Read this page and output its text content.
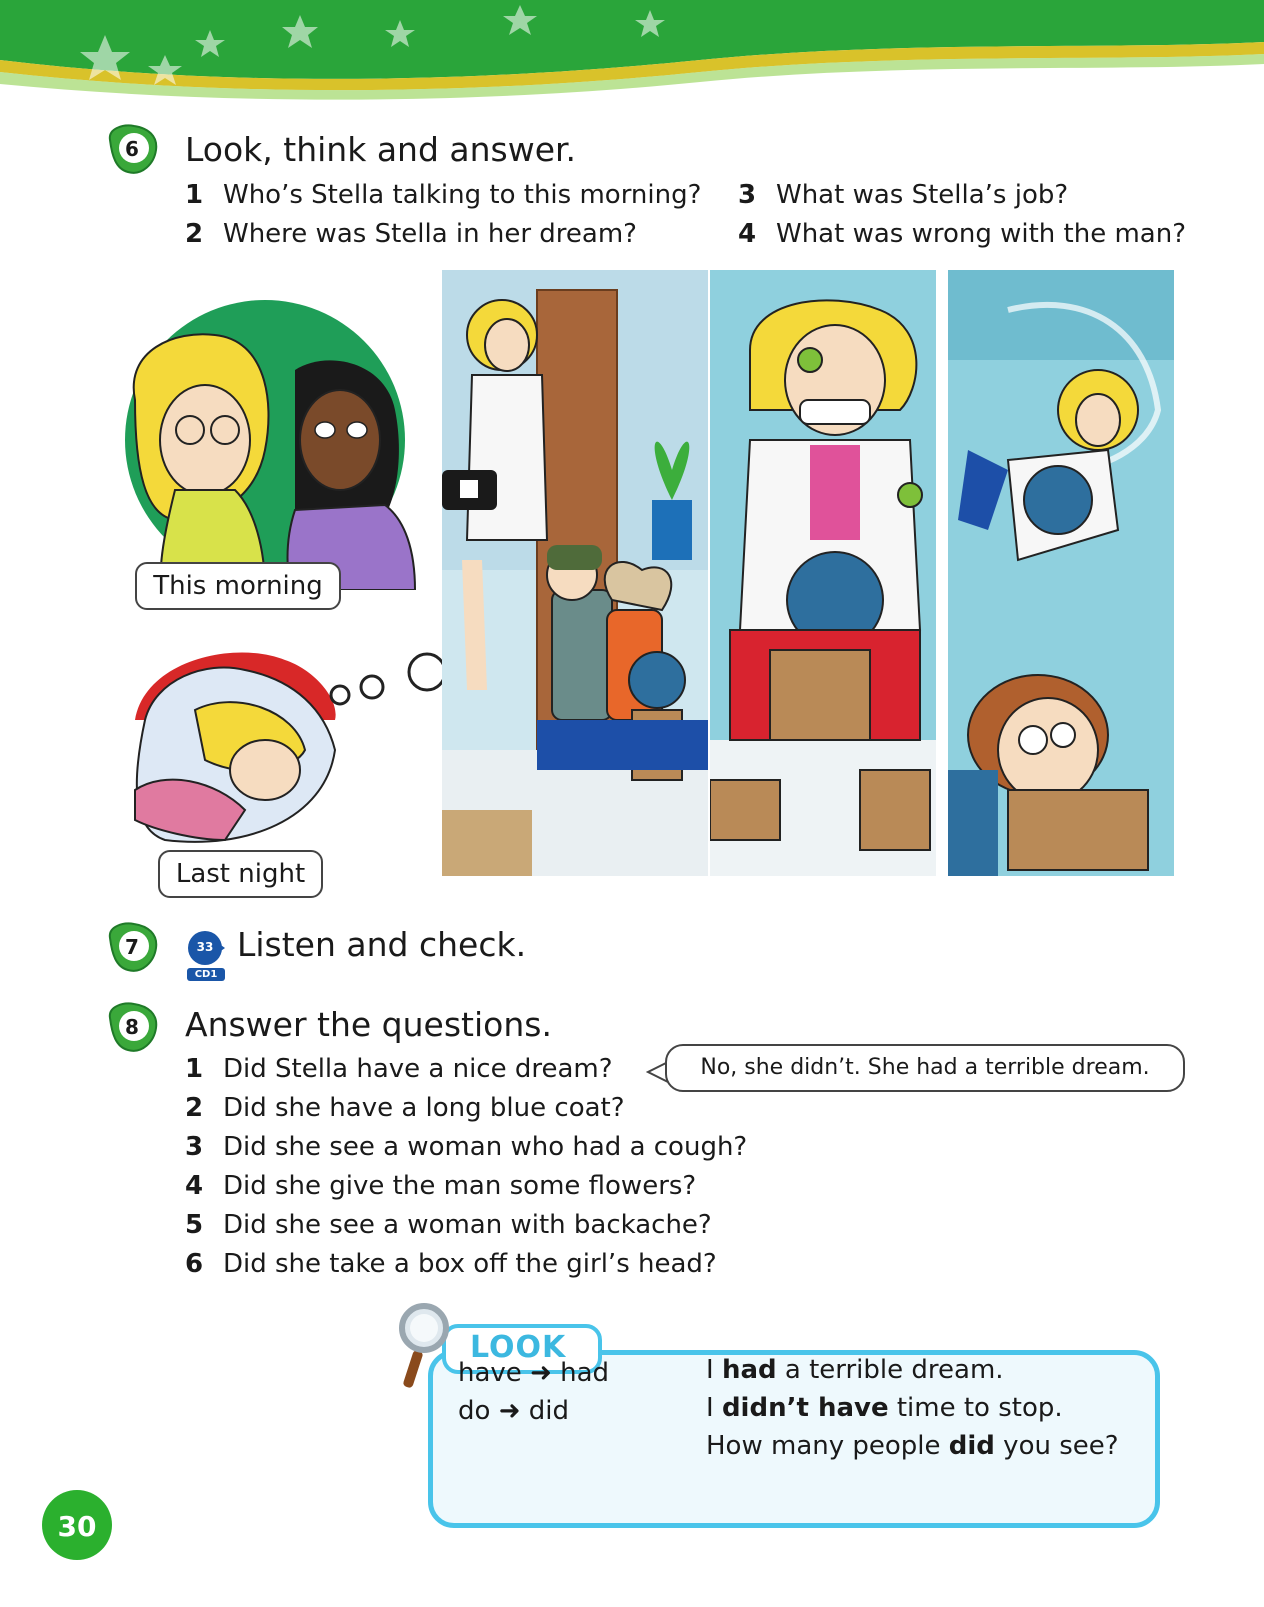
6	Look, think and answer.
1 Who’s Stella talking to this morning?
2 Where was Stella in her dream?
3 What was Stella’s job?
4 What was wrong with the man?
This morning
Last night
7	33
CD1
Listen and check.
8	Answer the questions.
1 Did Stella have a nice dream?
2 Did she have a long blue coat?
3 Did she see a woman who had a cough?
4 Did she give the man some flowers?
5 Did she see a woman with backache?
6 Did she take a box off the girl’s head?
No, she didn’t. She had a terrible dream.
LOOK
have ➜ had
do ➜ did
I had a terrible dream.
I didn’t have time to stop.
How many people did you see?
30
